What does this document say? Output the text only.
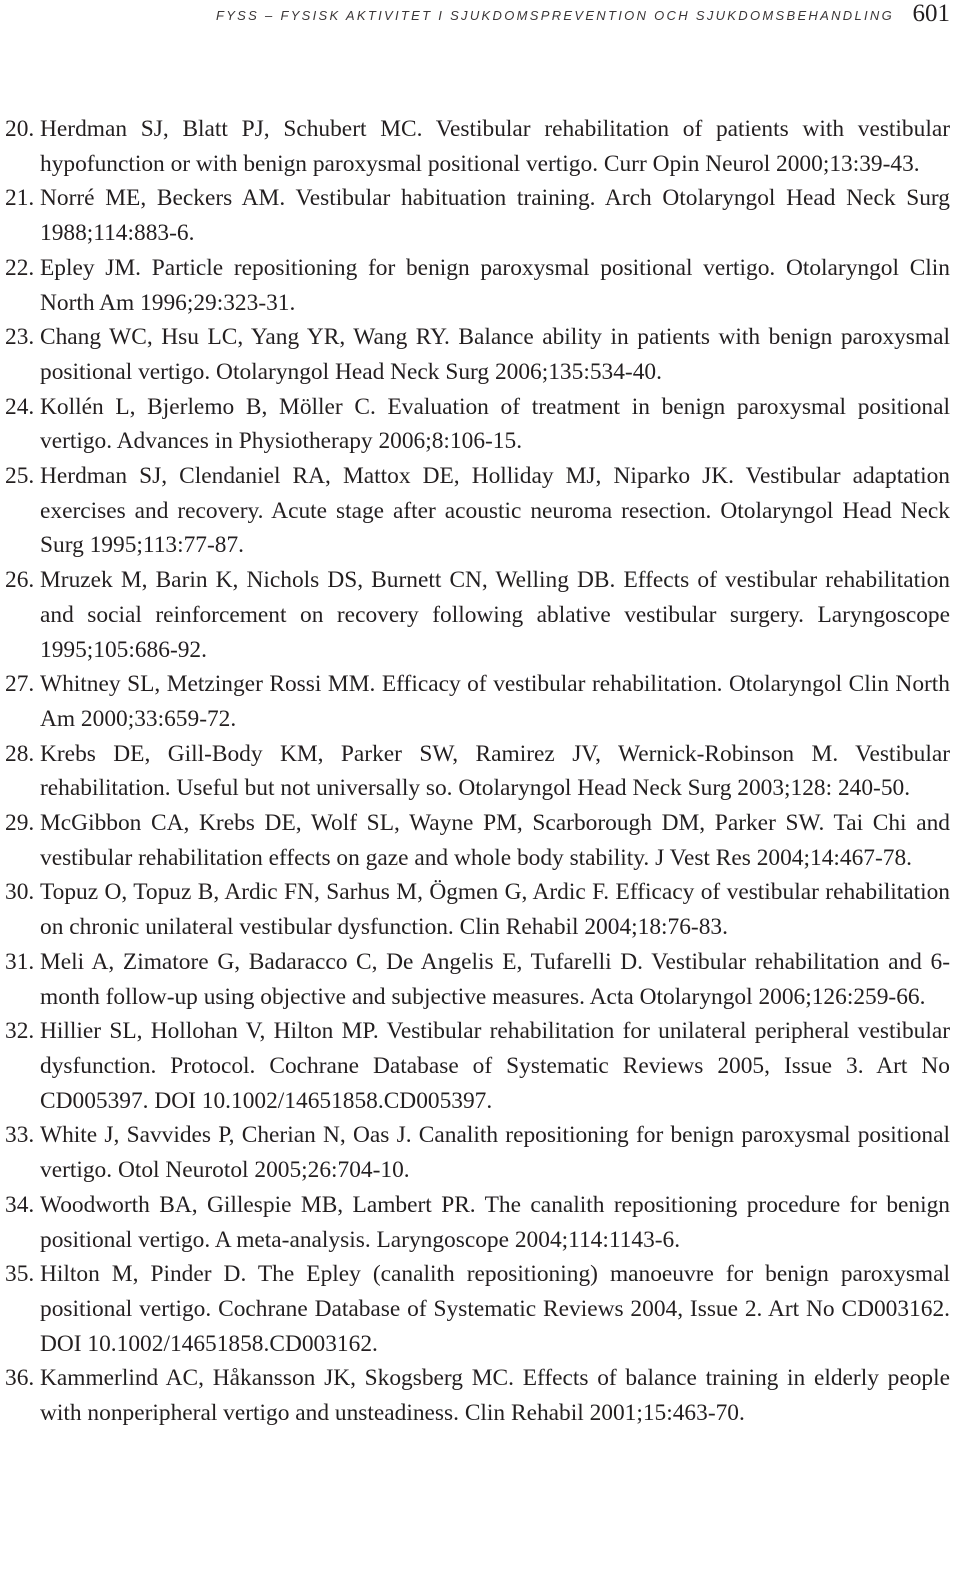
FYSS – FYSISK AKTIVITET I SJUKDOMSPREVENTION OCH SJUKDOMSBEHANDLING 601
20. Herdman SJ, Blatt PJ, Schubert MC. Vestibular rehabilitation of patients with vestibular hypofunction or with benign paroxysmal positional vertigo. Curr Opin Neurol 2000;13:39-43.
21. Norré ME, Beckers AM. Vestibular habituation training. Arch Otolaryngol Head Neck Surg 1988;114:883-6.
22. Epley JM. Particle repositioning for benign paroxysmal positional vertigo. Otolaryngol Clin North Am 1996;29:323-31.
23. Chang WC, Hsu LC, Yang YR, Wang RY. Balance ability in patients with benign paroxysmal positional vertigo. Otolaryngol Head Neck Surg 2006;135:534-40.
24. Kollén L, Bjerlemo B, Möller C. Evaluation of treatment in benign paroxysmal positional vertigo. Advances in Physiotherapy 2006;8:106-15.
25. Herdman SJ, Clendaniel RA, Mattox DE, Holliday MJ, Niparko JK. Vestibular adaptation exercises and recovery. Acute stage after acoustic neuroma resection. Otolaryngol Head Neck Surg 1995;113:77-87.
26. Mruzek M, Barin K, Nichols DS, Burnett CN, Welling DB. Effects of vestibular rehabilitation and social reinforcement on recovery following ablative vestibular surgery. Laryngoscope 1995;105:686-92.
27. Whitney SL, Metzinger Rossi MM. Efficacy of vestibular rehabilitation. Otolaryngol Clin North Am 2000;33:659-72.
28. Krebs DE, Gill-Body KM, Parker SW, Ramirez JV, Wernick-Robinson M. Vestibular rehabilitation. Useful but not universally so. Otolaryngol Head Neck Surg 2003;128: 240-50.
29. McGibbon CA, Krebs DE, Wolf SL, Wayne PM, Scarborough DM, Parker SW. Tai Chi and vestibular rehabilitation effects on gaze and whole body stability. J Vest Res 2004;14:467-78.
30. Topuz O, Topuz B, Ardic FN, Sarhus M, Ögmen G, Ardic F. Efficacy of vestibular rehabilitation on chronic unilateral vestibular dysfunction. Clin Rehabil 2004;18:76-83.
31. Meli A, Zimatore G, Badaracco C, De Angelis E, Tufarelli D. Vestibular rehabilitation and 6-month follow-up using objective and subjective measures. Acta Otolaryngol 2006;126:259-66.
32. Hillier SL, Hollohan V, Hilton MP. Vestibular rehabilitation for unilateral peripheral vestibular dysfunction. Protocol. Cochrane Database of Systematic Reviews 2005, Issue 3. Art No CD005397. DOI 10.1002/14651858.CD005397.
33. White J, Savvides P, Cherian N, Oas J. Canalith repositioning for benign paroxysmal positional vertigo. Otol Neurotol 2005;26:704-10.
34. Woodworth BA, Gillespie MB, Lambert PR. The canalith repositioning procedure for benign positional vertigo. A meta-analysis. Laryngoscope 2004;114:1143-6.
35. Hilton M, Pinder D. The Epley (canalith repositioning) manoeuvre for benign paroxysmal positional vertigo. Cochrane Database of Systematic Reviews 2004, Issue 2. Art No CD003162. DOI 10.1002/14651858.CD003162.
36. Kammerlind AC, Håkansson JK, Skogsberg MC. Effects of balance training in elderly people with nonperipheral vertigo and unsteadiness. Clin Rehabil 2001;15:463-70.
